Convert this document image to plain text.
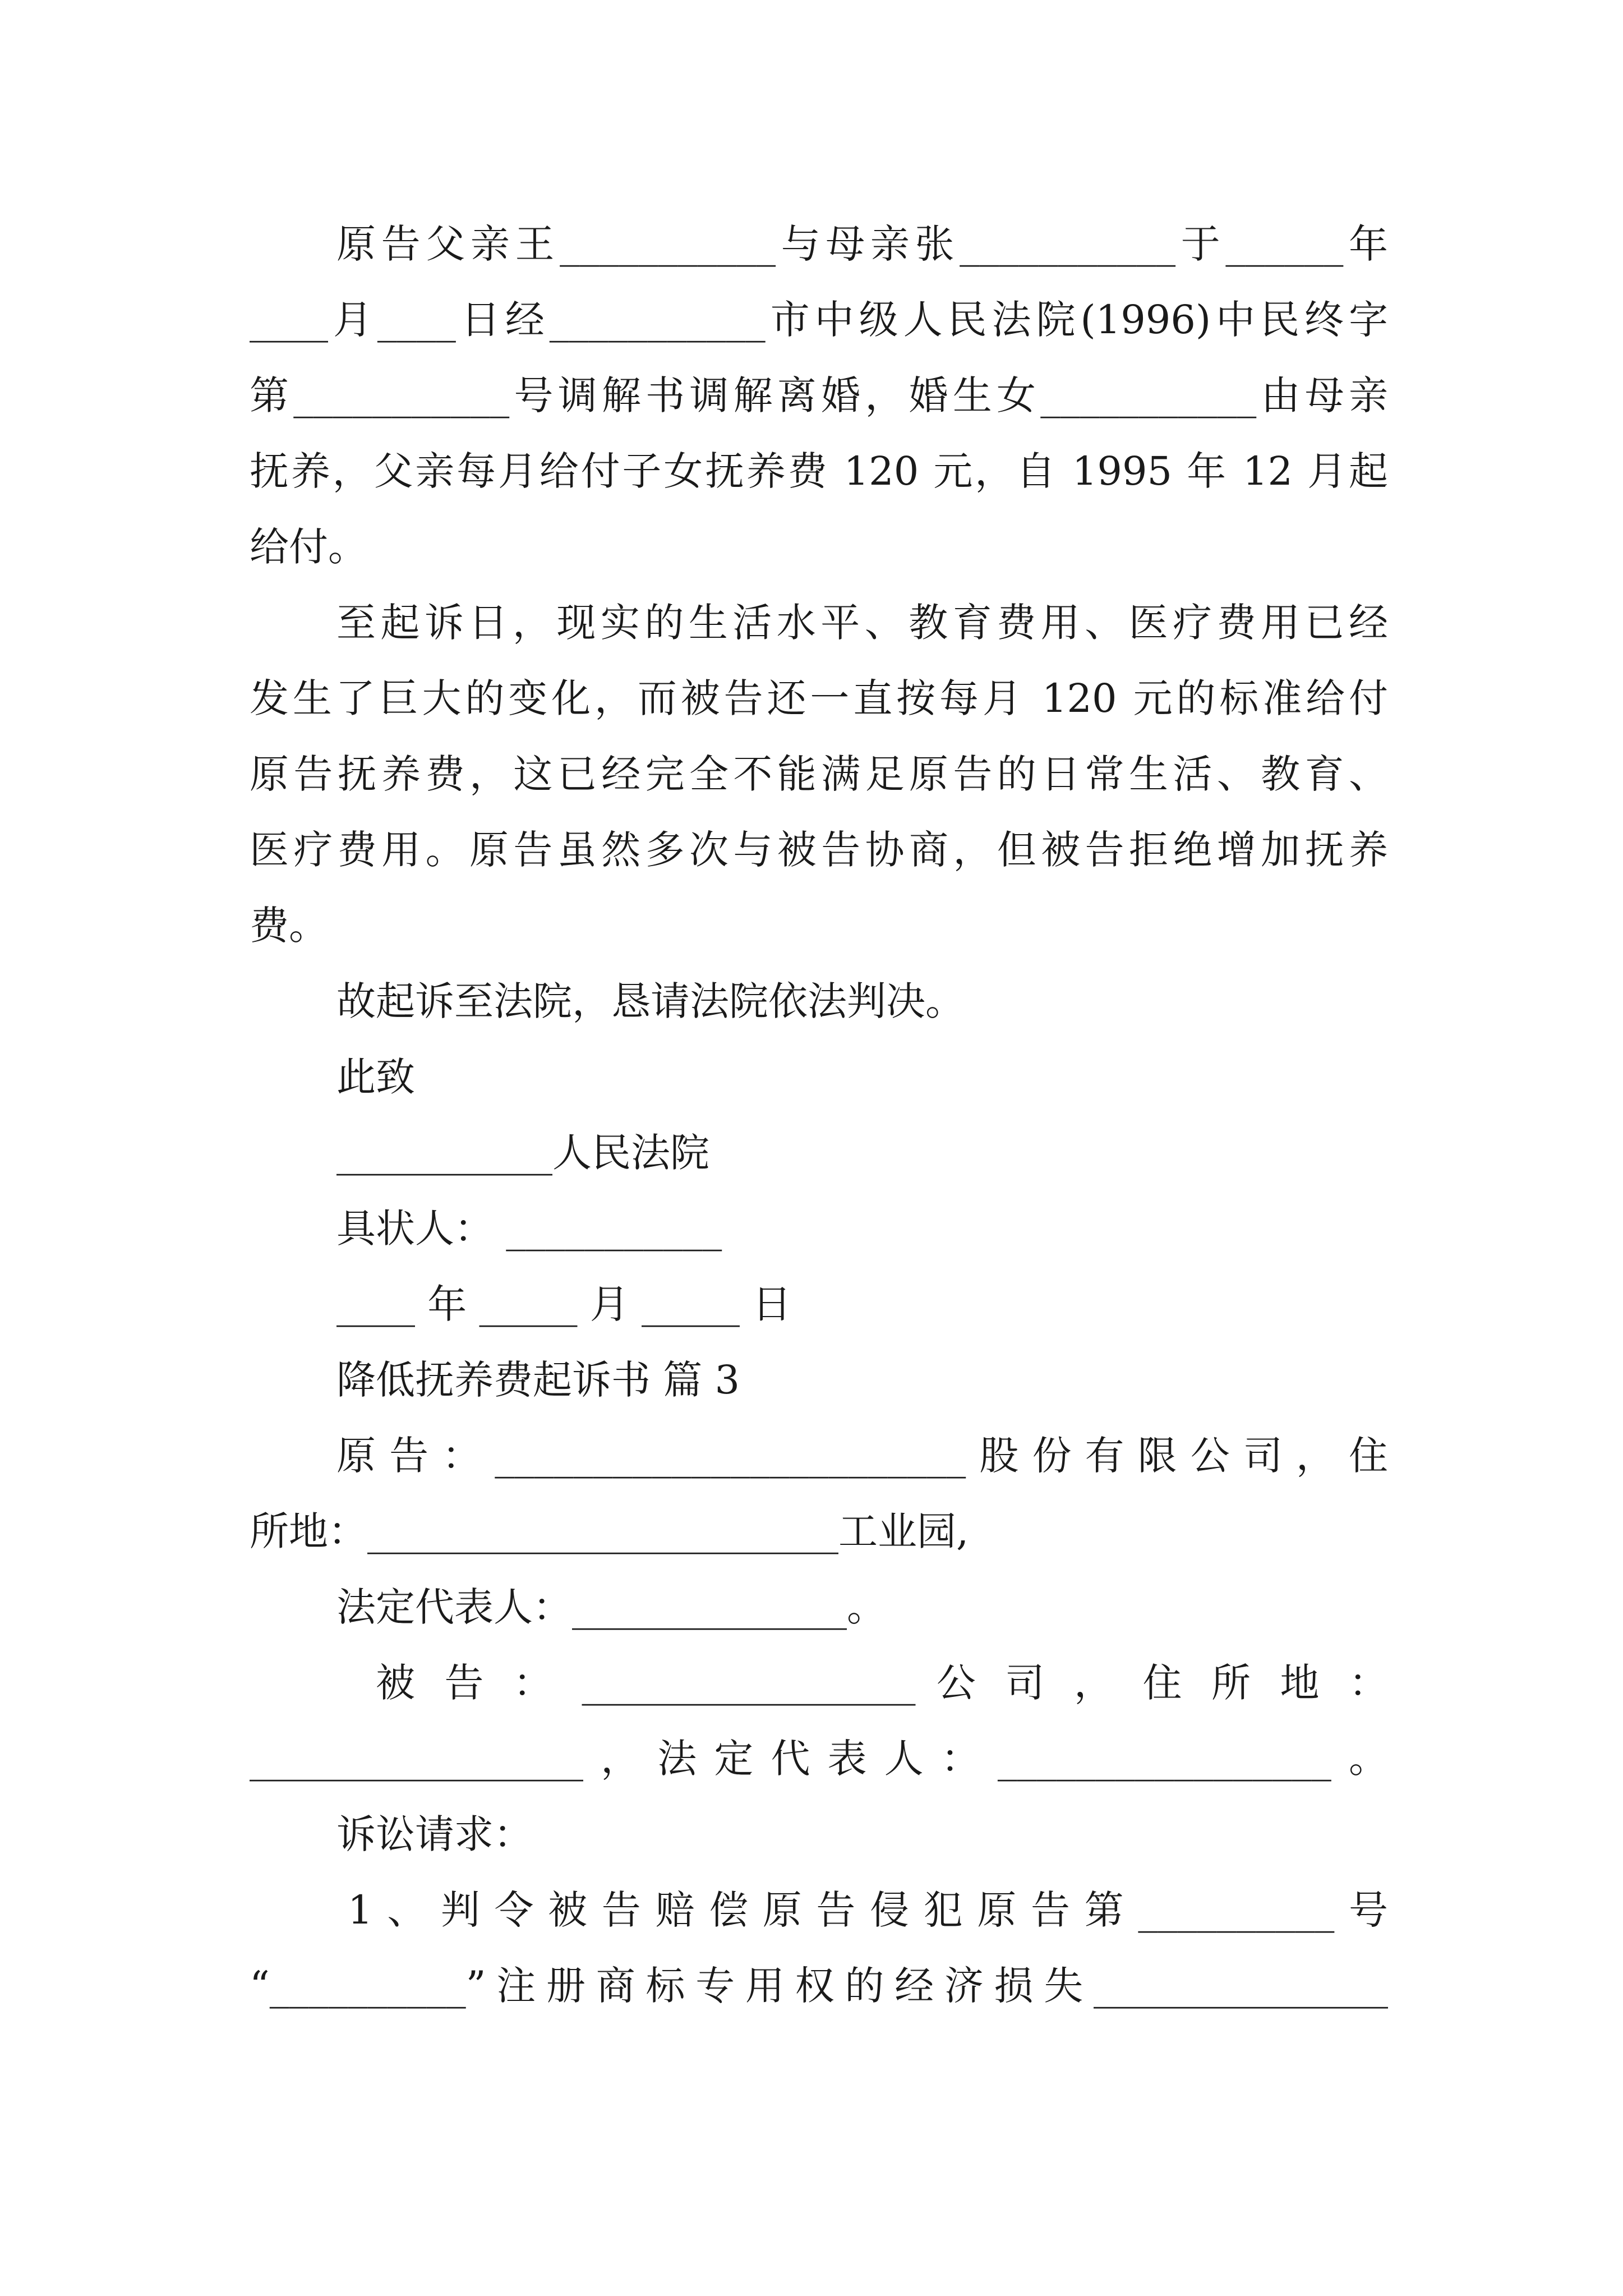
原告父亲王___________与母亲张___________于______年
____月____日经___________市中级人民法院(1996)中民终字
第___________号调解书调解离婚，婚生女___________由母亲
抚养，父亲每月给付子女抚养费 120 元，自 1995 年 12 月起
给付。
至起诉日，现实的生活水平、教育费用、医疗费用已经
发生了巨大的变化，而被告还一直按每月 120 元的标准给付
原告抚养费，这已经完全不能满足原告的日常生活、教育、
医疗费用。原告虽然多次与被告协商，但被告拒绝增加抚养
费。
故起诉至法院，恳请法院依法判决。
此致
___________人民法院
具状人： ___________
____ 年 _____ 月 _____ 日
降低抚养费起诉书 篇 3
原告：________________________股份有限公司，住
所地：________________________工业园,
法定代表人：______________。
被 告 ： _________________ 公 司 ， 住 所 地 ：
_________________，法定代表人：_________________。
诉讼请求：
1、判令被告赔偿原告侵犯原告第__________号
“__________”注册商标专用权的经济损失_______________
